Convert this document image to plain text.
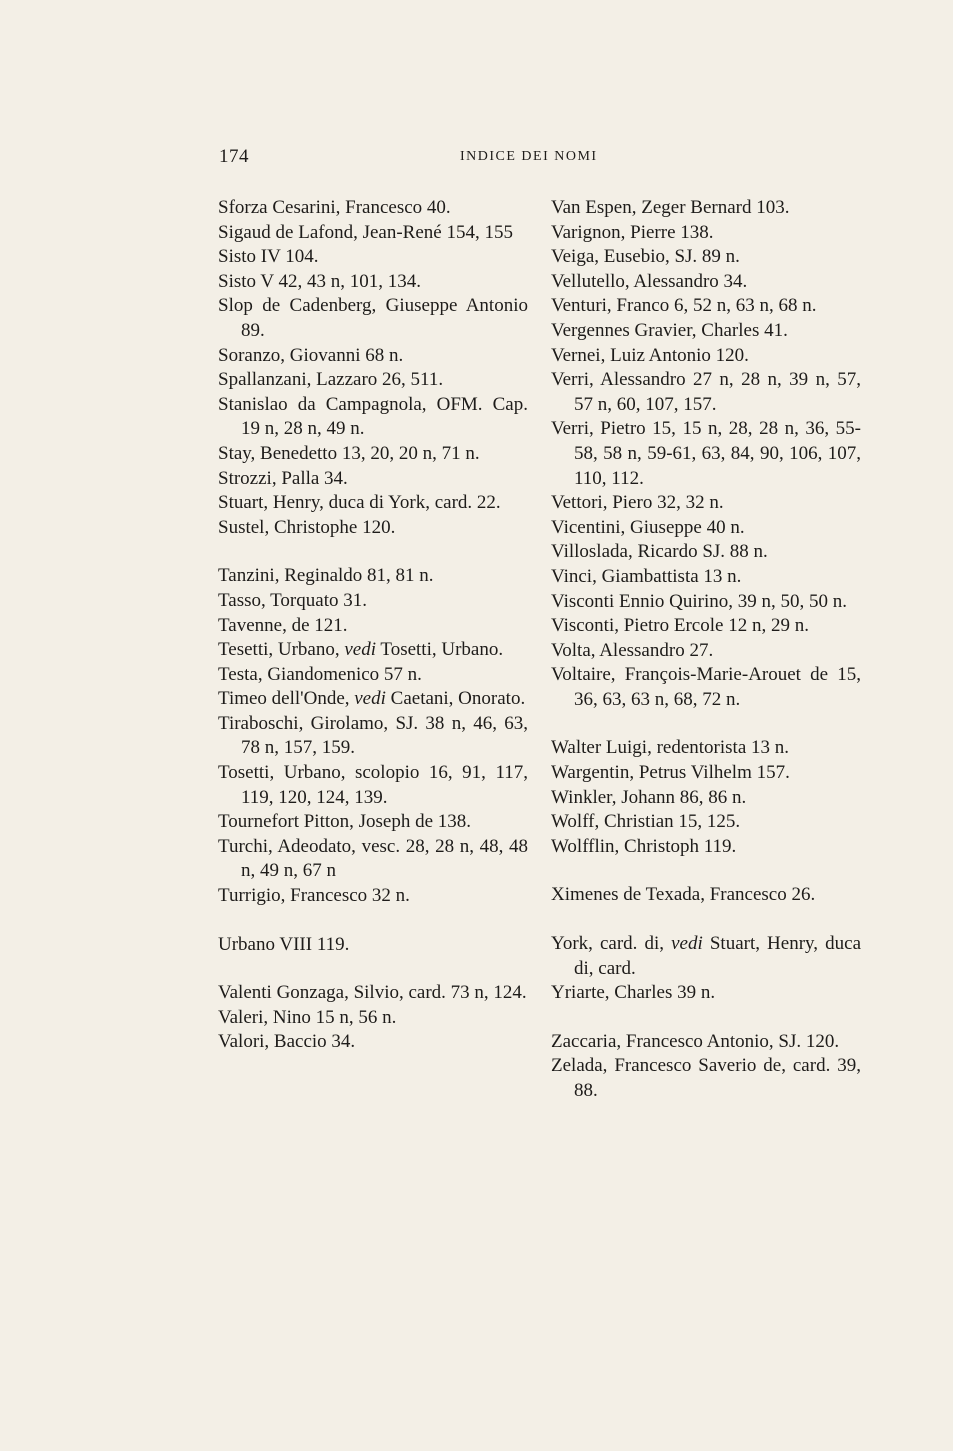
174	INDICE DEI NOMI
Sforza Cesarini, Francesco 40.
Sigaud de Lafond, Jean-René 154, 155
Sisto IV 104.
Sisto V 42, 43 n, 101, 134.
Slop de Cadenberg, Giuseppe Antonio 89.
Soranzo, Giovanni 68 n.
Spallanzani, Lazzaro 26, 511.
Stanislao da Campagnola, OFM. Cap. 19 n, 28 n, 49 n.
Stay, Benedetto 13, 20, 20 n, 71 n.
Strozzi, Palla 34.
Stuart, Henry, duca di York, card. 22.
Sustel, Christophe 120.
Tanzini, Reginaldo 81, 81 n.
Tasso, Torquato 31.
Tavenne, de 121.
Tesetti, Urbano, vedi Tosetti, Urbano.
Testa, Giandomenico 57 n.
Timeo dell'Onde, vedi Caetani, Onorato.
Tiraboschi, Girolamo, SJ. 38 n, 46, 63, 78 n, 157, 159.
Tosetti, Urbano, scolopio 16, 91, 117, 119, 120, 124, 139.
Tournefort Pitton, Joseph de 138.
Turchi, Adeodato, vesc. 28, 28 n, 48, 48 n, 49 n, 67 n
Turrigio, Francesco 32 n.
Urbano VIII 119.
Valenti Gonzaga, Silvio, card. 73 n, 124.
Valeri, Nino 15 n, 56 n.
Valori, Baccio 34.
Van Espen, Zeger Bernard 103.
Varignon, Pierre 138.
Veiga, Eusebio, SJ. 89 n.
Vellutello, Alessandro 34.
Venturi, Franco 6, 52 n, 63 n, 68 n.
Vergennes Gravier, Charles 41.
Vernei, Luiz Antonio 120.
Verri, Alessandro 27 n, 28 n, 39 n, 57, 57 n, 60, 107, 157.
Verri, Pietro 15, 15 n, 28, 28 n, 36, 55-58, 58 n, 59-61, 63, 84, 90, 106, 107, 110, 112.
Vettori, Piero 32, 32 n.
Vicentini, Giuseppe 40 n.
Villoslada, Ricardo SJ. 88 n.
Vinci, Giambattista 13 n.
Visconti Ennio Quirino, 39 n, 50, 50 n.
Visconti, Pietro Ercole 12 n, 29 n.
Volta, Alessandro 27.
Voltaire, François-Marie-Arouet de 15, 36, 63, 63 n, 68, 72 n.
Walter Luigi, redentorista 13 n.
Wargentin, Petrus Vilhelm 157.
Winkler, Johann 86, 86 n.
Wolff, Christian 15, 125.
Wolfflin, Christoph 119.
Ximenes de Texada, Francesco 26.
York, card. di, vedi Stuart, Henry, duca di, card.
Yriarte, Charles 39 n.
Zaccaria, Francesco Antonio, SJ. 120.
Zelada, Francesco Saverio de, card. 39, 88.
